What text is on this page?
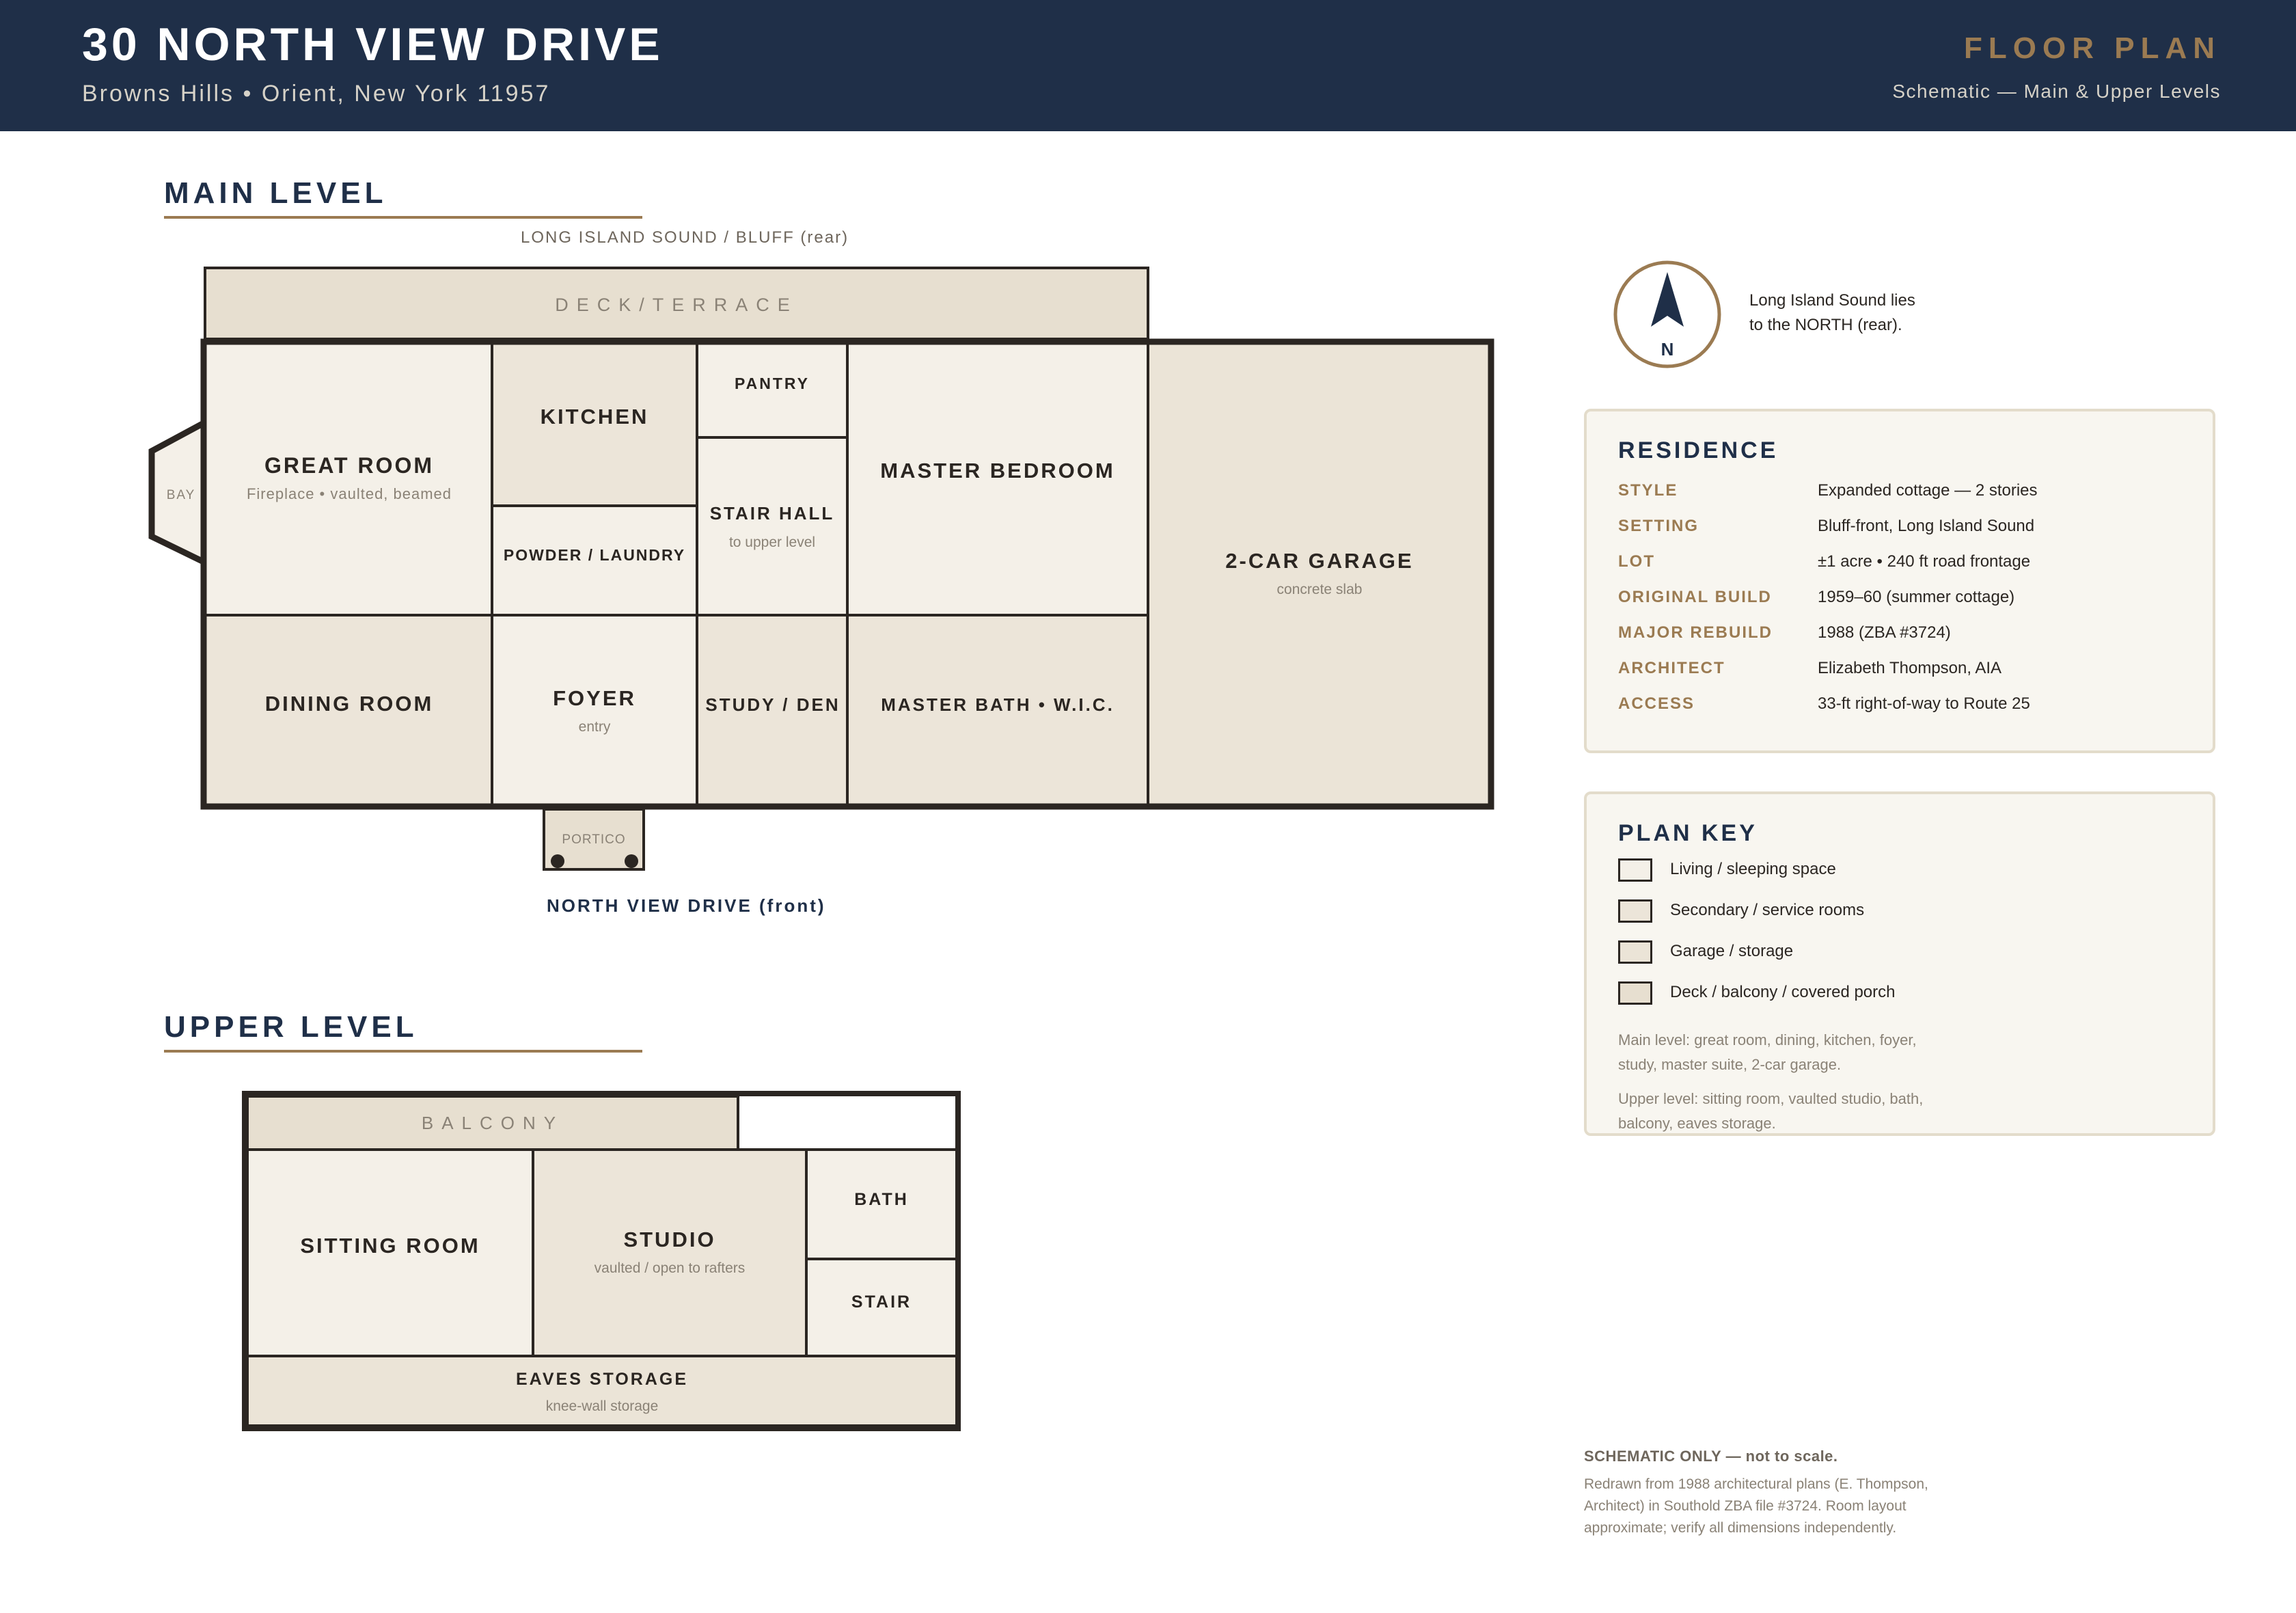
30 NORTH VIEW DRIVE
Browns Hills • Orient, New York 11957
FLOOR PLAN
Schematic — Main & Upper Levels
MAIN LEVEL
LONG ISLAND SOUND / BLUFF (rear)
DECK/TERRACE
BAY
PORTICO
GREAT ROOM
Fireplace • vaulted, beamed
KITCHEN
POWDER / LAUNDRY
PANTRY
STAIR HALL
to upper level
MASTER BEDROOM
2-CAR GARAGE
concrete slab
DINING ROOM	FOYER
entry
STUDY / DEN MASTER BATH • W.I.C.
BALCONY
SITTING ROOM	STUDIO
vaulted / open to rafters
BATH
STAIR
EAVES STORAGE
knee-wall storage
N
NORTH VIEW DRIVE (front)
UPPER LEVEL
Long Island Sound lies
to the NORTH (rear).
RESIDENCE
STYLE	Expanded cottage — 2 stories
SETTING	Bluff-front, Long Island Sound
LOT	±1 acre • 240 ft road frontage
ORIGINAL BUILD	1959–60 (summer cottage)
MAJOR REBUILD	1988 (ZBA #3724)
ARCHITECT	Elizabeth Thompson, AIA
ACCESS	33-ft right-of-way to Route 25
PLAN KEY
Living / sleeping space
Secondary / service rooms
Garage / storage
Deck / balcony / covered porch
Main level: great room, dining, kitchen, foyer, study, master suite, 2-car garage.
Upper level: sitting room, vaulted studio, bath, balcony, eaves storage.
SCHEMATIC ONLY — not to scale.
Redrawn from 1988 architectural plans (E. Thompson, Architect) in Southold ZBA file #3724. Room layout approximate; verify all dimensions independently.
